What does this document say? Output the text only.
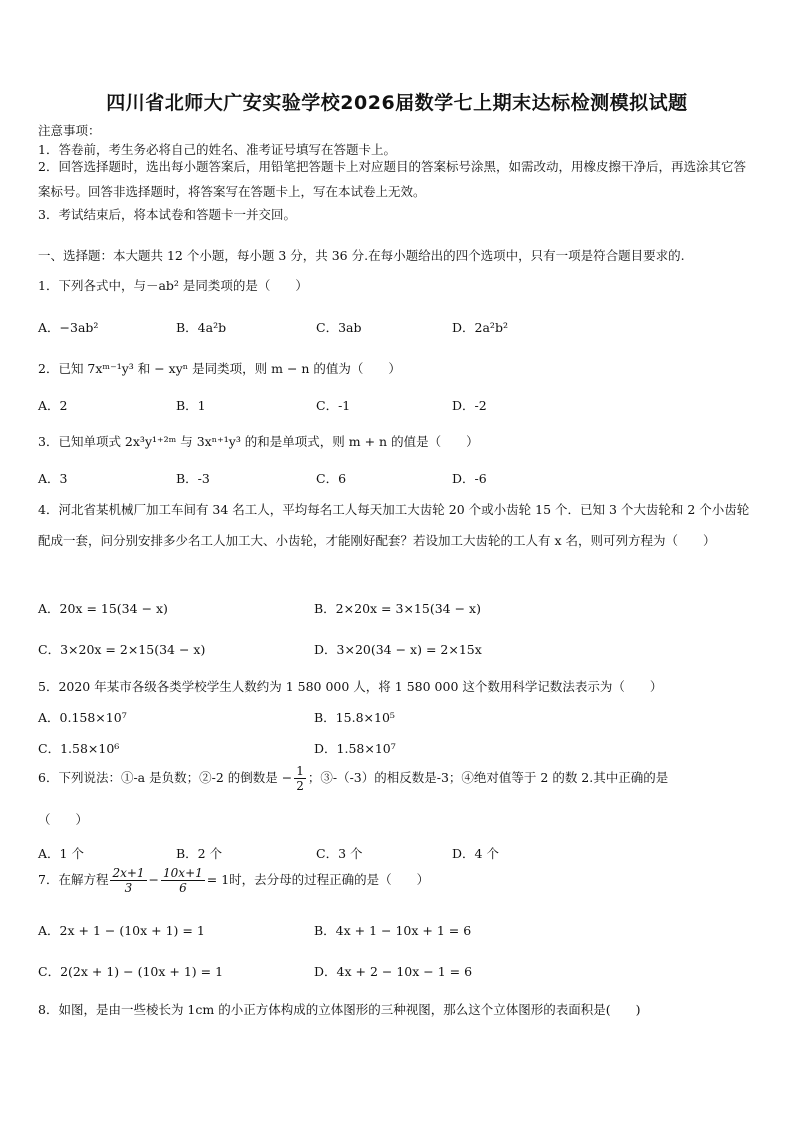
四川省北师大广安实验学校2026届数学七上期末达标检测模拟试题
注意事项：
1．答卷前，考生务必将自己的姓名、准考证号填写在答题卡上。
2．回答选择题时，选出每小题答案后，用铅笔把答题卡上对应题目的答案标号涂黑，如需改动，用橡皮擦干净后，再选涂其它答案标号。回答非选择题时，将答案写在答题卡上，写在本试卷上无效。
3．考试结束后，将本试卷和答题卡一并交回。
一、选择题：本大题共 12 个小题，每小题 3 分，共 36 分.在每小题给出的四个选项中，只有一项是符合题目要求的.
1．下列各式中，与－ab² 是同类项的是（　　）
A．−3ab²	B．4a²b	C．3ab	D．2a²b²
2．已知 7xᵐ⁻¹y³ 和 − xyⁿ 是同类项，则 m − n 的值为（　　）
A．2	B．1	C．-1	D．-2
3．已知单项式 2x³y¹⁺²ᵐ 与 3xⁿ⁺¹y³ 的和是单项式，则 m + n 的值是（　　）
A．3	B．-3	C．6	D．-6
4．河北省某机械厂加工车间有 34 名工人，平均每名工人每天加工大齿轮 20 个或小齿轮 15 个．已知 3 个大齿轮和 2 个小齿轮配成一套，问分别安排多少名工人加工大、小齿轮，才能刚好配套？若设加工大齿轮的工人有 x 名，则可列方程为（　　）
A．20x = 15(34 − x)	B．2×20x = 3×15(34 − x)
C．3×20x = 2×15(34 − x)	D．3×20(34 − x) = 2×15x
5．2020 年某市各级各类学校学生人数约为 1 580 000 人，将 1 580 000 这个数用科学记数法表示为（　　）
A．0.158×10⁷	B．15.8×10⁵
C．1.58×10⁶	D．1.58×10⁷
6．下列说法：①-a 是负数；②-2 的倒数是 − $\frac{1}{2}$ ；③-（-3）的相反数是-3；④绝对值等于 2 的数 2.其中正确的是
（　　）
A．1 个	B．2 个	C．3 个	D．4 个
7．在解方程 $\frac{2x+1}{3} - \frac{10x+1}{6} = 1$时，去分母的过程正确的是（　　）
A．2x + 1 − (10x + 1) = 1	B．4x + 1 − 10x + 1 = 6
C．2(2x + 1) − (10x + 1) = 1	D．4x + 2 − 10x − 1 = 6
8．如图，是由一些棱长为 1cm 的小正方体构成的立体图形的三种视图，那么这个立体图形的表面积是(　　)
